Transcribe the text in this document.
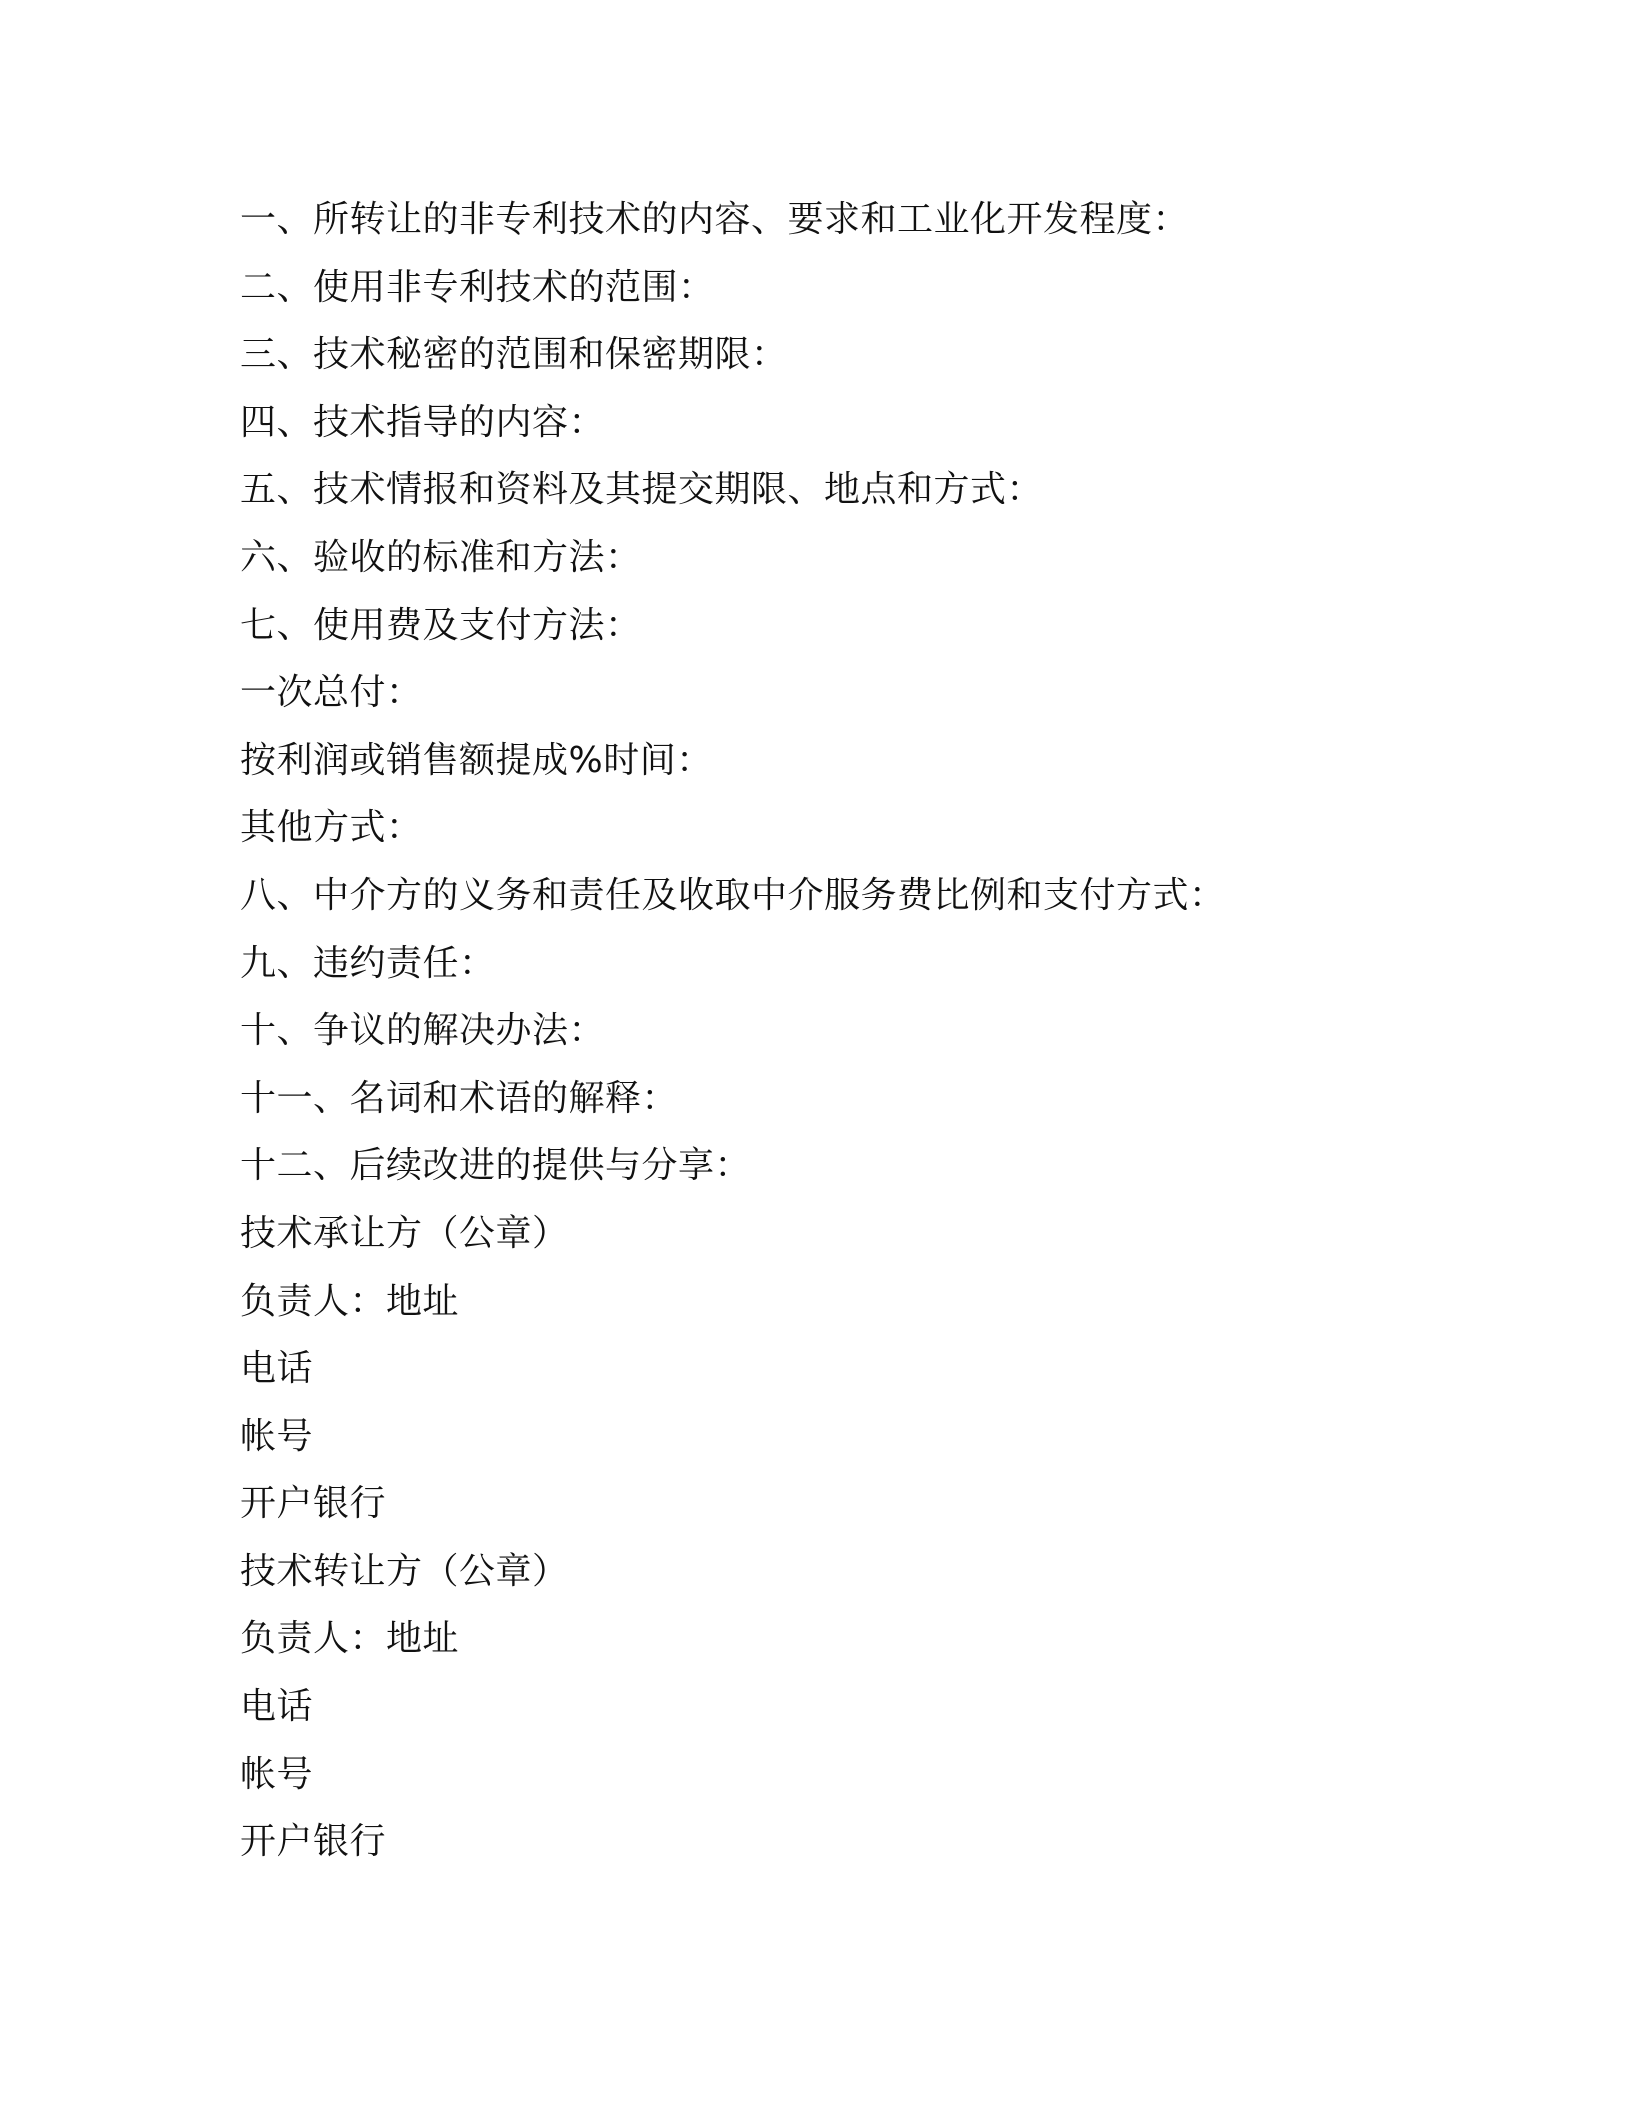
一、所转让的非专利技术的内容、要求和工业化开发程度：
二、使用非专利技术的范围：
三、技术秘密的范围和保密期限：
四、技术指导的内容：
五、技术情报和资料及其提交期限、地点和方式：
六、验收的标准和方法：
七、使用费及支付方法：
一次总付：
按利润或销售额提成%时间：
其他方式：
八、中介方的义务和责任及收取中介服务费比例和支付方式：
九、违约责任：
十、争议的解决办法：
十一、名词和术语的解释：
十二、后续改进的提供与分享：
技术承让方（公章）
负责人：地址
电话
帐号
开户银行
技术转让方（公章）
负责人：地址
电话
帐号
开户银行
